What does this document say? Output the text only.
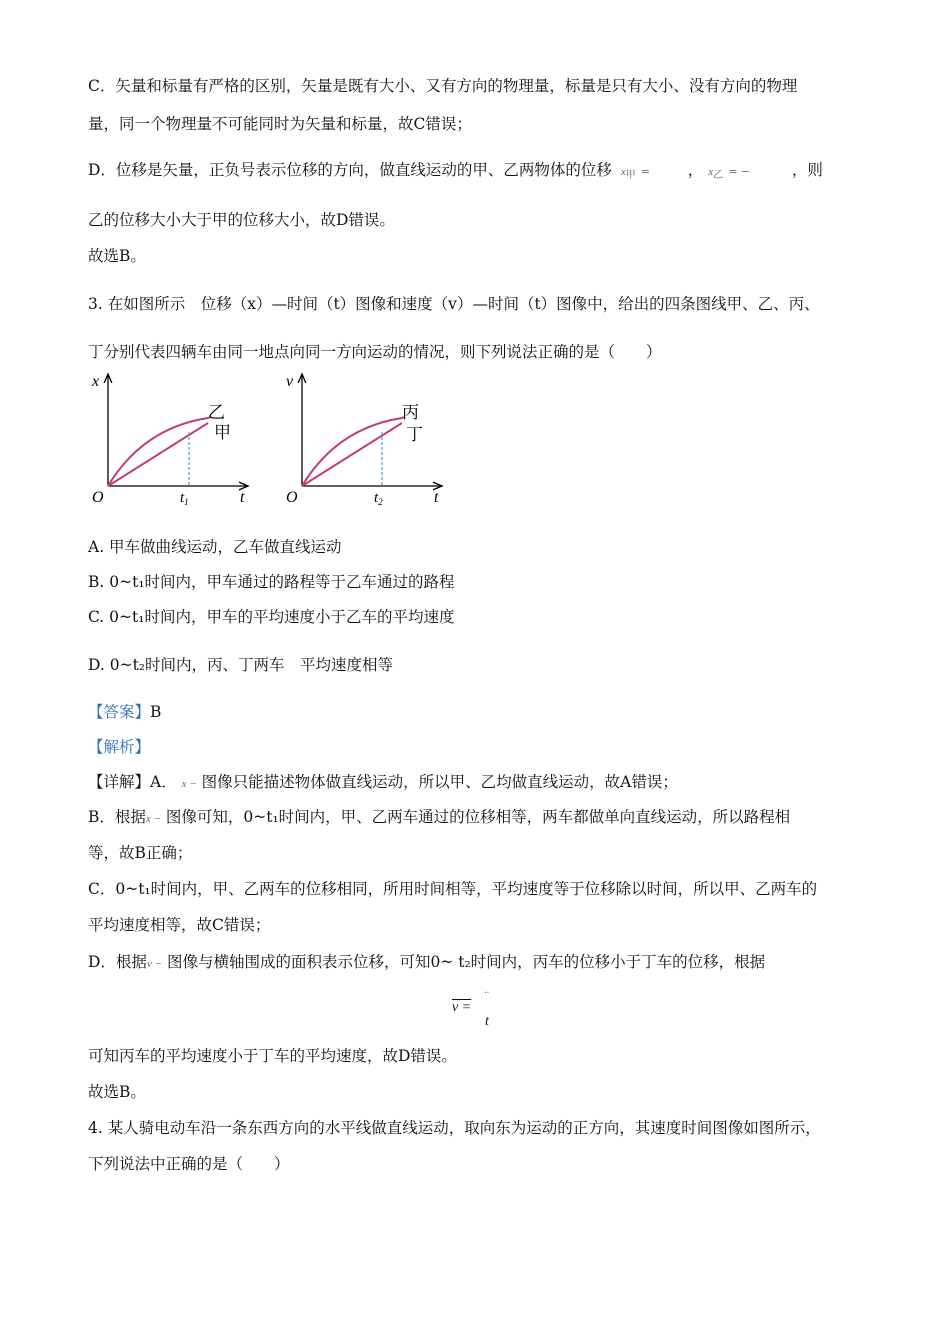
C．矢量和标量有严格的区别，矢量是既有大小、又有方向的物理量，标量是只有大小、没有方向的物理
量，同一个物理量不可能同时为矢量和标量，故C错误；
D．位移是矢量，正负号表示位移的方向，做直线运动的甲、乙两物体的位移 $x_甲$ = ， $x_乙$ = −	，则
乙的位移大小大于甲的位移大小，故D错误。
故选B。
3. 在如图所示　位移（x）—时间（t）图像和速度（v）—时间（t）图像中，给出的四条图线甲、乙、丙、
丁分别代表四辆车由同一地点向同一方向运动的情况，则下列说法正确的是（　　）
x
t
O	$t_1$
乙
甲
v
t
O	$t_2$
丙
丁
A. 甲车做曲线运动，乙车做直线运动
B. 0~t₁时间内，甲车通过的路程等于乙车通过的路程
C. 0~t₁时间内，甲车的平均速度小于乙车的平均速度
D. 0~t₂时间内，丙、丁两车　平均速度相等
【答案】B
【解析】
【详解】A． x − 图像只能描述物体做直线运动，所以甲、乙均做直线运动，故A错误；
B．根据x − 图像可知，0~t₁时间内，甲、乙两车通过的位移相等，两车都做单向直线运动，所以路程相
等，故B正确；
C．0~t₁时间内，甲、乙两车的位移相同，所用时间相等，平均速度等于位移除以时间，所以甲、乙两车的
平均速度相等，故C错误；
D．根据v − 图像与横轴围成的面积表示位移，可知0~ t₂时间内，丙车的位移小于丁车的位移，根据
v =
··
t
可知丙车的平均速度小于丁车的平均速度，故D错误。
故选B。
4. 某人骑电动车沿一条东西方向的水平线做直线运动，取向东为运动的正方向，其速度时间图像如图所示，
下列说法中正确的是（　　）
